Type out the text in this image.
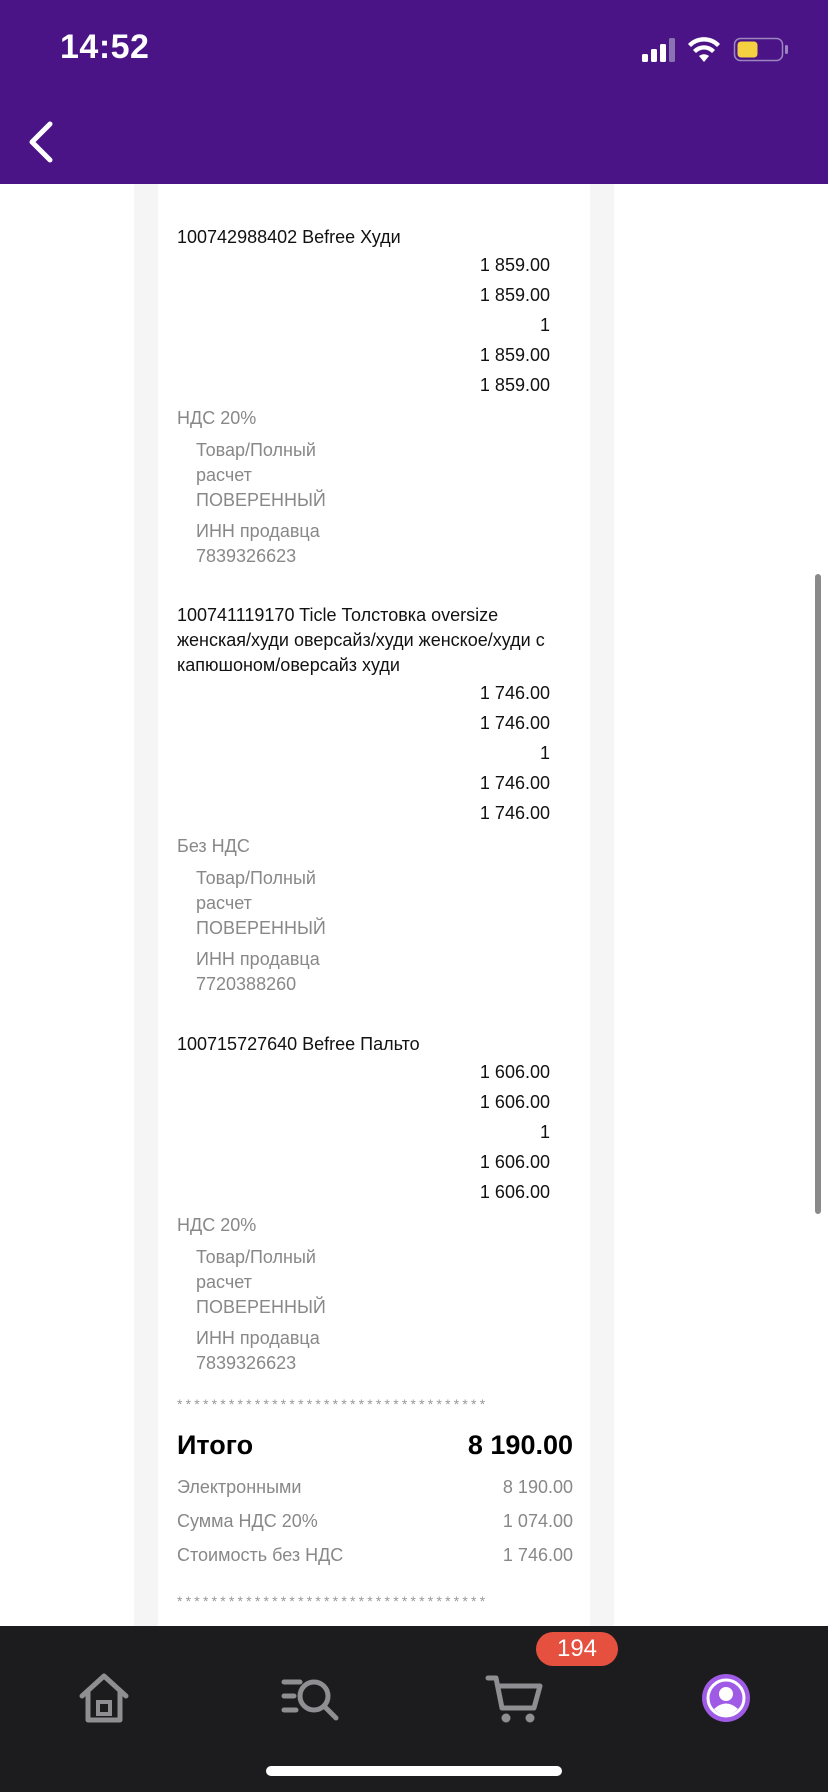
14:52
100742988402 Befree Худи
1 859.00
1 859.00
1
1 859.00
1 859.00
НДС 20%
Товар/Полный
расчет
ПОВЕРЕННЫЙ
ИНН продавца
7839326623
100741119170 Ticle Толстовка oversize женская/худи оверсайз/худи женское/худи с капюшоном/оверсайз худи
1 746.00
1 746.00
1
1 746.00
1 746.00
Без НДС
Товар/Полный
расчет
ПОВЕРЕННЫЙ
ИНН продавца
7720388260
100715727640 Befree Пальто
1 606.00
1 606.00
1
1 606.00
1 606.00
НДС 20%
Товар/Полный
расчет
ПОВЕРЕННЫЙ
ИНН продавца
7839326623
************************************
Итого	8 190.00
Электронными	8 190.00
Сумма НДС 20%	1 074.00
Стоимость без НДС	1 746.00
************************************
194
